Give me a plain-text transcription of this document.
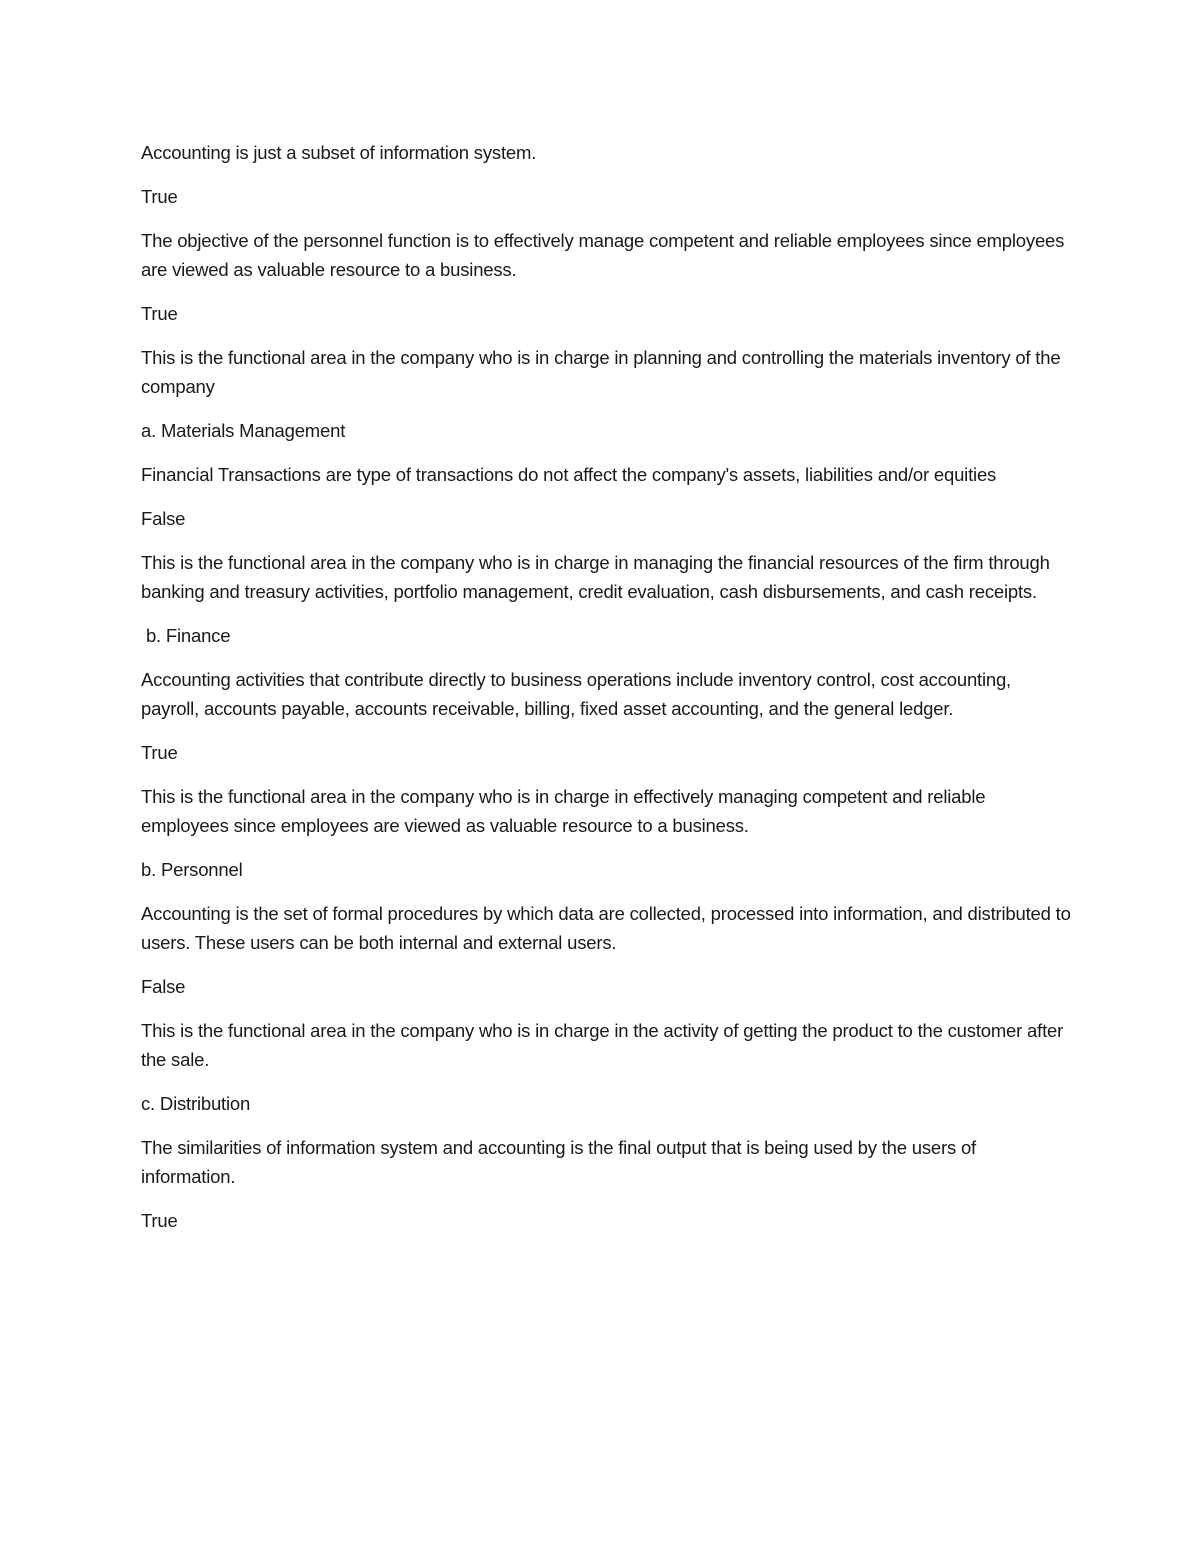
Accounting is just a subset of information system.

True

The objective of the personnel function is to effectively manage competent and reliable employees since employees are viewed as valuable resource to a business.

True

This is the functional area in the company who is in charge in planning and controlling the materials inventory of the company

a. Materials Management

Financial Transactions are type of transactions do not affect the company's assets, liabilities and/or equities

False

This is the functional area in the company who is in charge in managing the financial resources of the firm through banking and treasury activities, portfolio management, credit evaluation, cash disbursements, and cash receipts.

b. Finance

Accounting activities that contribute directly to business operations include inventory control, cost accounting, payroll, accounts payable, accounts receivable, billing, fixed asset accounting, and the general ledger.

True

This is the functional area in the company who is in charge in effectively managing competent and reliable employees since employees are viewed as valuable resource to a business.

b. Personnel

Accounting is the set of formal procedures by which data are collected, processed into information, and distributed to users. These users can be both internal and external users.

False

This is the functional area in the company who is in charge in the activity of getting the product to the customer after the sale.

c. Distribution

The similarities of information system and accounting is the final output that is being used by the users of information.

True
